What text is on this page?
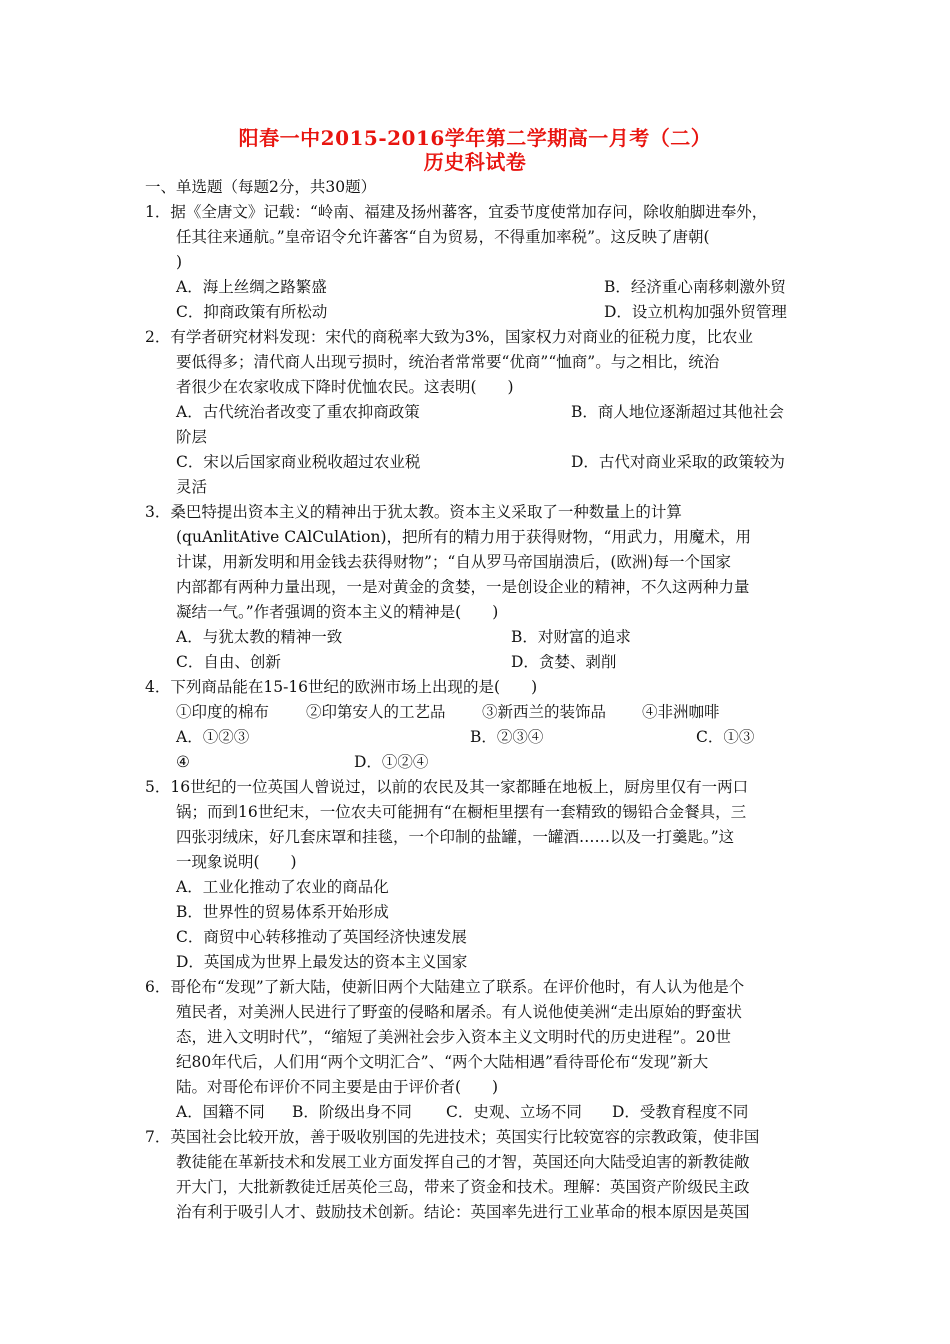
阳春一中2015-2016学年第二学期高一月考（二）
历史科试卷
一、单选题（每题2分，共30题）
1．据《全唐文》记载：“岭南、福建及扬州蕃客，宜委节度使常加存问，除收舶脚进奉外，
任其往来通航。”皇帝诏令允许蕃客“自为贸易，不得重加率税”。这反映了唐朝(
)
A．海上丝绸之路繁盛	B．经济重心南移刺激外贸
C．抑商政策有所松动	D．设立机构加强外贸管理
2．有学者研究材料发现：宋代的商税率大致为3%，国家权力对商业的征税力度，比农业
要低得多；清代商人出现亏损时，统治者常常要“优商”“恤商”。与之相比，统治
者很少在农家收成下降时优恤农民。这表明(　　)
A．古代统治者改变了重农抑商政策	B．商人地位逐渐超过其他社会
阶层
C．宋以后国家商业税收超过农业税	D．古代对商业采取的政策较为
灵活
3．桑巴特提出资本主义的精神出于犹太教。资本主义采取了一种数量上的计算
(quAnlitAtive CAlCulAtion)，把所有的精力用于获得财物，“用武力，用魔术，用
计谋，用新发明和用金钱去获得财物”；“自从罗马帝国崩溃后，(欧洲)每一个国家
内部都有两种力量出现，一是对黄金的贪婪，一是创设企业的精神，不久这两种力量
凝结一气。”作者强调的资本主义的精神是(　　)
A．与犹太教的精神一致	B．对财富的追求
C．自由、创新	D．贪婪、剥削
4．下列商品能在15-16世纪的欧洲市场上出现的是(　　)
①印度的棉布 ②印第安人的工艺品 ③新西兰的装饰品 ④非洲咖啡
A．①②③	B．②③④	C．①③
④	D．①②④
5．16世纪的一位英国人曾说过，以前的农民及其一家都睡在地板上，厨房里仅有一两口
锅；而到16世纪末，一位农夫可能拥有“在橱柜里摆有一套精致的锡铅合金餐具，三
四张羽绒床，好几套床罩和挂毯，一个印制的盐罐，一罐酒……以及一打羹匙。”这
一现象说明(　　)
A．工业化推动了农业的商品化
B．世界性的贸易体系开始形成
C．商贸中心转移推动了英国经济快速发展
D．英国成为世界上最发达的资本主义国家
6．哥伦布“发现”了新大陆，使新旧两个大陆建立了联系。在评价他时，有人认为他是个
殖民者，对美洲人民进行了野蛮的侵略和屠杀。有人说他使美洲“走出原始的野蛮状
态，进入文明时代”，“缩短了美洲社会步入资本主义文明时代的历史进程”。20世
纪80年代后，人们用“两个文明汇合”、“两个大陆相遇”看待哥伦布“发现”新大
陆。对哥伦布评价不同主要是由于评价者(　　)
A．国籍不同 B．阶级出身不同 C．史观、立场不同 D．受教育程度不同
7．英国社会比较开放，善于吸收别国的先进技术；英国实行比较宽容的宗教政策，使非国
教徒能在革新技术和发展工业方面发挥自己的才智，英国还向大陆受迫害的新教徒敞
开大门，大批新教徒迁居英伦三岛，带来了资金和技术。理解：英国资产阶级民主政
治有利于吸引人才、鼓励技术创新。结论：英国率先进行工业革命的根本原因是英国
